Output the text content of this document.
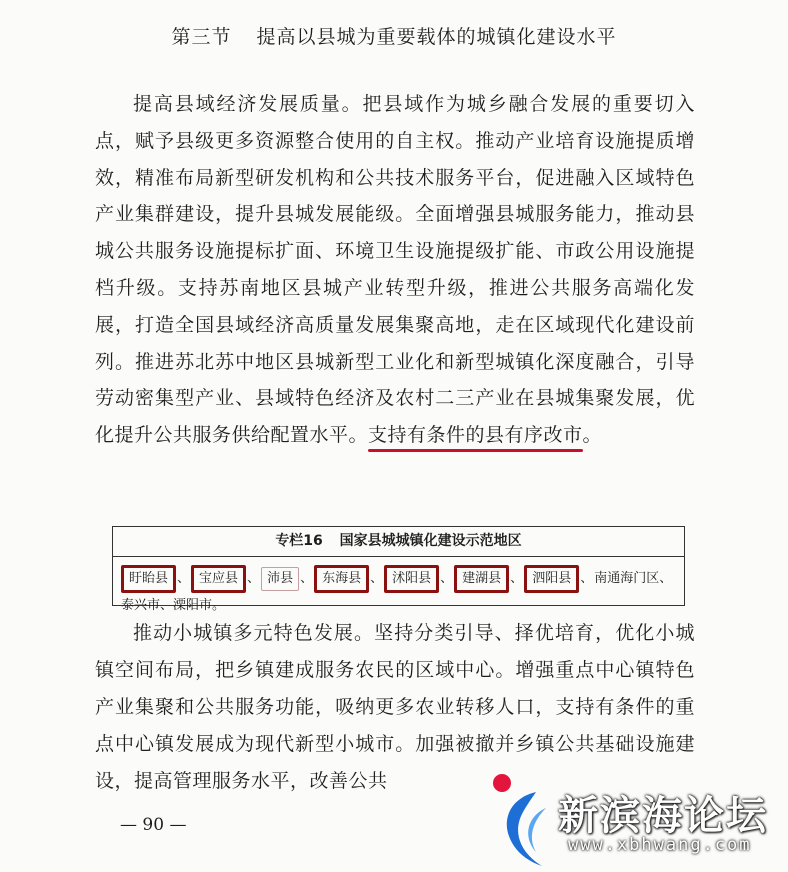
第三节 提高以县城为重要载体的城镇化建设水平

提高县域经济发展质量。把县域作为城乡融合发展的重要切入点，赋予县级更多资源整合使用的自主权。推动产业培育设施提质增效，精准布局新型研发机构和公共技术服务平台，促进融入区域特色产业集群建设，提升县城发展能级。全面增强县城服务能力，推动县城公共服务设施提标扩面、环境卫生设施提级扩能、市政公用设施提档升级。支持苏南地区县城产业转型升级，推进公共服务高端化发展，打造全国县域经济高质量发展集聚高地，走在区域现代化建设前列。推进苏北苏中地区县城新型工业化和新型城镇化深度融合，引导劳动密集型产业、县域特色经济及农村二三产业在县城集聚发展，优化提升公共服务供给配置水平。支持有条件的县有序改市
。

专栏16 国家县城城镇化建设示范地区
盱眙县 、 宝应县 、 沛县 、 东海县 、 沭阳县 、 建湖县 、 泗阳县 、南通海门区、泰兴市、溧阳市。

推动小城镇多元特色发展。坚持分类引导、择优培育，优化小城镇空间布局，把乡镇建成服务农民的区域中心。增强重点中心镇特色产业集聚和公共服务功能，吸纳更多农业转移人口，支持有条件的重点中心镇发展成为现代新型小城市。加强被撤并乡镇公共基础设施建设，提高管理服务水平，改善公共

— 90 —	新滨海论坛
www.xbhwang.com
